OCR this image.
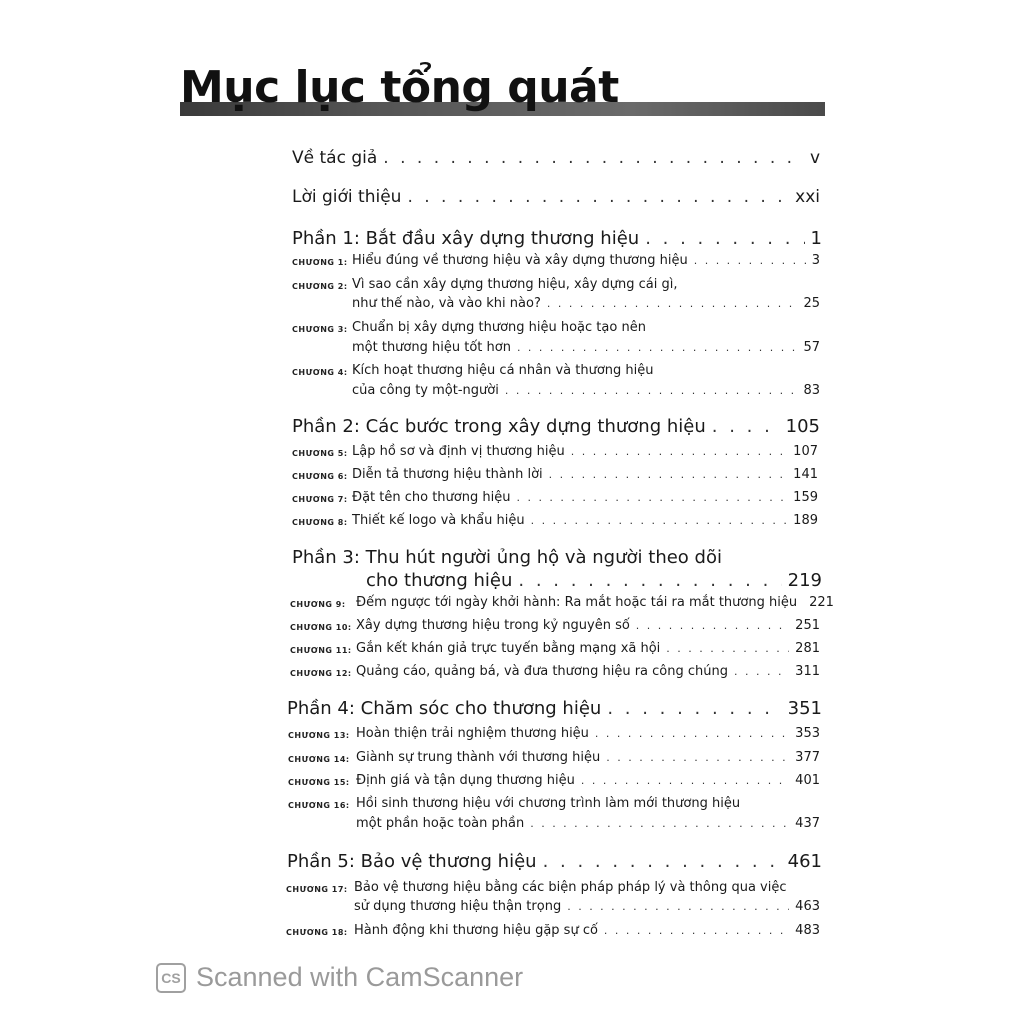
Mục lục tổng quát
Về tác giả . . .	v
Lời giới thiệu . . .	xxi
Phần 1: Bắt đầu xây dựng thương hiệu . . .	1
CHƯƠNG 1: Hiểu đúng về thương hiệu và xây dựng thương hiệu . . .	3
CHƯƠNG 2: Vì sao cần xây dựng thương hiệu, xây dựng cái gì,
như thế nào, và vào khi nào? . . .	25
CHƯƠNG 3: Chuẩn bị xây dựng thương hiệu hoặc tạo nên
một thương hiệu tốt hơn . . .	57
CHƯƠNG 4: Kích hoạt thương hiệu cá nhân và thương hiệu
của công ty một-người . . .	83
Phần 2: Các bước trong xây dựng thương hiệu . . .	105
CHƯƠNG 5: Lập hồ sơ và định vị thương hiệu . . .	107
CHƯƠNG 6: Diễn tả thương hiệu thành lời . . .	141
CHƯƠNG 7: Đặt tên cho thương hiệu . . .	159
CHƯƠNG 8: Thiết kế logo và khẩu hiệu . . .	189
Phần 3: Thu hút người ủng hộ và người theo dõi
cho thương hiệu . . .	219
CHƯƠNG 9: Đếm ngược tới ngày khởi hành: Ra mắt hoặc tái ra mắt thương hiệu 221
CHƯƠNG 10: Xây dựng thương hiệu trong kỷ nguyên số . . .	251
CHƯƠNG 11: Gắn kết khán giả trực tuyến bằng mạng xã hội . . .	281
CHƯƠNG 12: Quảng cáo, quảng bá, và đưa thương hiệu ra công chúng . . .	311
Phần 4: Chăm sóc cho thương hiệu . . .	351
CHƯƠNG 13: Hoàn thiện trải nghiệm thương hiệu . . .	353
CHƯƠNG 14: Giành sự trung thành với thương hiệu . . .	377
CHƯƠNG 15: Định giá và tận dụng thương hiệu . . .	401
CHƯƠNG 16: Hồi sinh thương hiệu với chương trình làm mới thương hiệu
một phần hoặc toàn phần . . .	437
Phần 5: Bảo vệ thương hiệu . . .	461
CHƯƠNG 17: Bảo vệ thương hiệu bằng các biện pháp pháp lý và thông qua việc
sử dụng thương hiệu thận trọng . . .	463
CHƯƠNG 18: Hành động khi thương hiệu gặp sự cố . . .	483
CS Scanned with CamScanner
